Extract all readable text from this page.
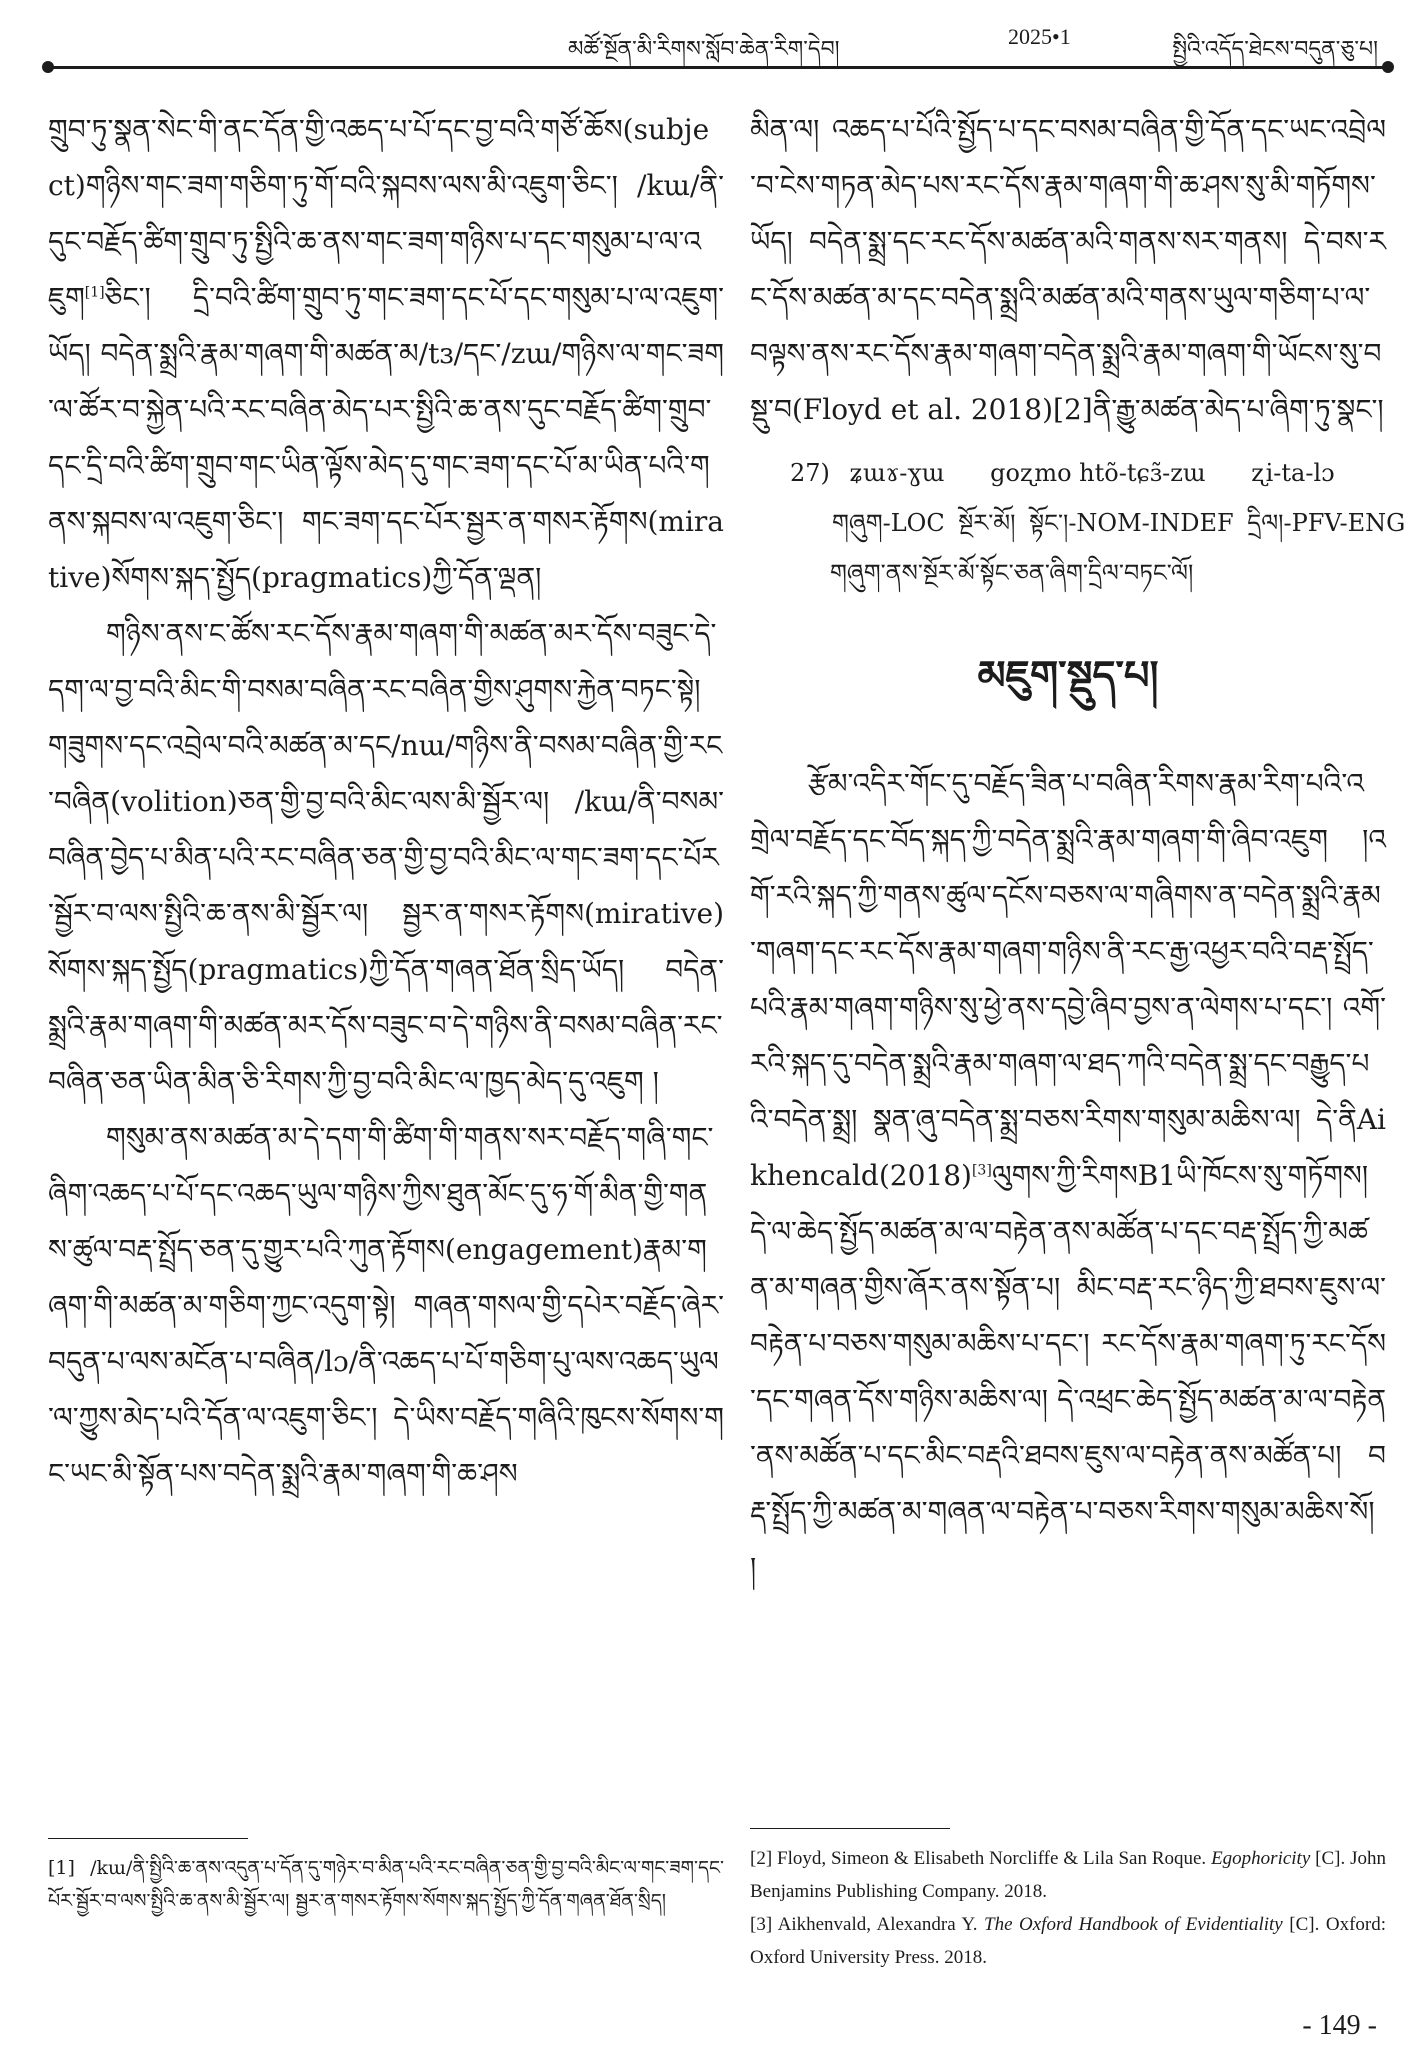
མཚོ་སྔོན་མི་རིགས་སློབ་ཆེན་རིག་དེབ།
2025•1
སྤྱིའི་འདོད་ཐེངས་བདུན་ཅུ་པ།

གྲུབ་ཏུ་སྣན་སེང་གི་ནང་དོན་གྱི་འཆད་པ་པོ་དང་བྱ་བའི་གཙོ་ཆོས(subject)གཉིས་གང་ཟག་གཅིག་ཏུ་གོ་བའི་སྐབས་ལས་མི་འཇུག་ཅིང་། /kɯ/ནི་དུང་བརྗོད་ཚིག་གྲུབ་ཏུ་སྤྱིའི་ཆ་ནས་གང་ཟག་གཉིས་པ་དང་གསུམ་པ་ལ་འཇུག[1]ཅིང་། དྲི་བའི་ཚིག་གྲུབ་ཏུ་གང་ཟག་དང་པོ་དང་གསུམ་པ་ལ་འཇུག་ཡོད། བདེན་སྨྲའི་རྣམ་གཞག་གི་མཚན་མ/tɜ/དང་/zɯ/གཉིས་ལ་གང་ཟག་ལ་ཚོར་བ་སྐྱེན་པའི་རང་བཞིན་མེད་པར་སྤྱིའི་ཆ་ནས་དུང་བརྗོད་ཚིག་གྲུབ་དང་དྲི་བའི་ཚིག་གྲུབ་གང་ཡིན་ལྟོས་མེད་དུ་གང་ཟག་དང་པོ་མ་ཡིན་པའི་གནས་སྐབས་ལ་འཇུག་ཅིང་། གང་ཟག་དང་པོར་སྦྱར་ན་གསར་རྟོགས(mirative)སོགས་སྐད་སྤྱོད(pragmatics)ཀྱི་དོན་ལྡན།

གཉིས་ནས་ང་ཚོས་རང་དོས་རྣམ་གཞག་གི་མཚན་མར་དོས་བཟུང་དེ་དག་ལ་བྱ་བའི་མིང་གི་བསམ་བཞིན་རང་བཞིན་གྱིས་ཤུགས་རྐྱེན་བཏང་སྟེ། གཟུགས་དང་འབྲེལ་བའི་མཚན་མ་དང/nɯ/གཉིས་ནི་བསམ་བཞིན་གྱི་རང་བཞིན(volition)ཅན་གྱི་བྱ་བའི་མིང་ལས་མི་སྦྱོར་ལ། /kɯ/ནི་བསམ་བཞིན་བྱེད་པ་མིན་པའི་རང་བཞིན་ཅན་གྱི་བྱ་བའི་མིང་ལ་གང་ཟག་དང་པོར་སྦྱོར་བ་ལས་སྤྱིའི་ཆ་ནས་མི་སྦྱོར་ལ། སྦྱར་ན་གསར་རྟོགས(mirative)སོགས་སྐད་སྤྱོད(pragmatics)ཀྱི་དོན་གཞན་ཐོན་སྲིད་ཡོད། བདེན་སྨྲའི་རྣམ་གཞག་གི་མཚན་མར་དོས་བཟུང་བ་དེ་གཉིས་ནི་བསམ་བཞིན་རང་བཞིན་ཅན་ཡིན་མིན་ཅི་རིགས་ཀྱི་བྱ་བའི་མིང་ལ་ཁྱད་མེད་དུ་འཇུག །

གསུམ་ནས་མཚན་མ་དེ་དག་གི་ཚིག་གི་གནས་སར་བརྗོད་གཞི་གང་ཞིག་འཆད་པ་པོ་དང་འཆད་ཡུལ་གཉིས་ཀྱིས་ཐུན་མོང་དུ་ཧ་གོ་མིན་གྱི་གནས་ཚུལ་བརྡ་སྤྲོད་ཅན་དུ་གྱུར་པའི་ཀུན་རྟོགས(engagement)རྣམ་གཞག་གི་མཚན་མ་གཅིག་ཀྱང་འདུག་སྟེ། གཞན་གསལ་གྱི་དཔེར་བརྗོད་ཞེར་བདུན་པ་ལས་མངོན་པ་བཞིན/lɔ/ནི་འཆད་པ་པོ་གཅིག་པུ་ལས་འཆད་ཡུལ་ལ་ཀྱུས་མེད་པའི་དོན་ལ་འཇུག་ཅིང་། དེ་ཡིས་བརྗོད་གཞིའི་ཁུངས་སོགས་གང་ཡང་མི་སྟོན་པས་བདེན་སྨྲའི་རྣམ་གཞག་གི་ཆ་ཤས

མིན་ལ། འཆད་པ་པོའི་སྤྱོད་པ་དང་བསམ་བཞིན་གྱི་དོན་དང་ཡང་འབྲེལ་བ་ངེས་གཏན་མེད་པས་རང་དོས་རྣམ་གཞག་གི་ཆ་ཤས་སུ་མི་གཏོགས་ཡོད། བདེན་སྨྲ་དང་རང་དོས་མཚན་མའི་གནས་སར་གནས། དེ་བས་རང་དོས་མཚན་མ་དང་བདེན་སྨྲའི་མཚན་མའི་གནས་ཡུལ་གཅིག་པ་ལ་བལྟས་ནས་རང་དོས་རྣམ་གཞག་བདེན་སྨྲའི་རྣམ་གཞག་གི་ཡོངས་སུ་བསྡུ་བ(Floyd et al. 2018)[2]ནི་རྒྱུ་མཚན་མེད་པ་ཞིག་ཏུ་སྣང་།

27) ʑɯɤ-ɣɯ goʐmo htõ-tɕɜ̃-zɯ ʐi-ta-lɔ
གཞུག-LOC སྔོར་མོ། སྟོང་།-NOM-INDEF དྲིལ།-PFV-ENG
གཞུག་ནས་སྔོར་མོ་སྟོང་ཅན་ཞིག་དྲིལ་བཏང་ལོ།
མཇུག་སྡུད་པ།

རྩོམ་འདིར་གོང་དུ་བརྗོད་ཟིན་པ་བཞིན་རིགས་རྣམ་རིག་པའི་འགྲེལ་བརྗོད་དང་བོད་སྐད་ཀྱི་བདེན་སྨྲའི་རྣམ་གཞག་གི་ཞིབ་འཇུག །འགོ་རའི་སྐད་ཀྱི་གནས་ཚུལ་དངོས་བཅས་ལ་གཞིགས་ན་བདེན་སྨྲའི་རྣམ་གཞག་དང་རང་དོས་རྣམ་གཞག་གཉིས་ནི་རང་རྒྱ་འཕྱར་བའི་བརྡ་སྤྲོད་པའི་རྣམ་གཞག་གཉིས་སུ་ཕྱེ་ནས་དབྱེ་ཞིབ་བྱས་ན་ལེགས་པ་དང་། འགོ་རའི་སྐད་དུ་བདེན་སྨྲའི་རྣམ་གཞག་ལ་ཐད་ཀའི་བདེན་སྨྲ་དང་བརྒྱུད་པའི་བདེན་སྨྲ། སྣན་ཞུ་བདེན་སྨྲ་བཅས་རིགས་གསུམ་མཆིས་ལ། དེ་ནིAikhencald(2018)[3]ལུགས་ཀྱི་རིགསB1ཡི་ཁོངས་སུ་གཏོགས། དེ་ལ་ཆེད་སྤྱོད་མཚན་མ་ལ་བརྟེན་ནས་མཚོན་པ་དང་བརྡ་སྤྲོད་ཀྱི་མཚན་མ་གཞན་གྱིས་ཞོར་ནས་སྟོན་པ། མིང་བརྡ་རང་ཉིད་ཀྱི་ཐབས་ཇུས་ལ་བརྟེན་པ་བཅས་གསུམ་མཆིས་པ་དང་། རང་དོས་རྣམ་གཞག་ཏུ་རང་དོས་དང་གཞན་དོས་གཉིས་མཆིས་ལ། དེ་འཕྲང་ཆེད་སྤྱོད་མཚན་མ་ལ་བརྟེན་ནས་མཚོན་པ་དང་མིང་བརྡའི་ཐབས་ཇུས་ལ་བརྟེན་ནས་མཚོན་པ། བརྡ་སྤྲོད་ཀྱི་མཚན་མ་གཞན་ལ་བརྟེན་པ་བཅས་རིགས་གསུམ་མཆིས་སོ། །

[1] /kɯ/ནི་སྤྱིའི་ཆ་ནས་འདུན་པ་དོན་དུ་གཉེར་བ་མིན་པའི་རང་བཞིན་ཅན་གྱི་བྱ་བའི་མིང་ལ་གང་ཟག་དང་པོར་སྦྱོར་བ་ལས་སྤྱིའི་ཆ་ནས་མི་སྦྱོར་ལ། སྦྱར་ན་གསར་རྟོགས་སོགས་སྐད་སྤྱོད་ཀྱི་དོན་གཞན་ཐོན་སྲིད།

[2] Floyd, Simeon & Elisabeth Norcliffe & Lila San Roque. Egophoricity [C]. John Benjamins Publishing Company. 2018.

[3] Aikhenvald, Alexandra Y. The Oxford Handbook of Evidentiality [C]. Oxford: Oxford University Press. 2018.

- 149 -
